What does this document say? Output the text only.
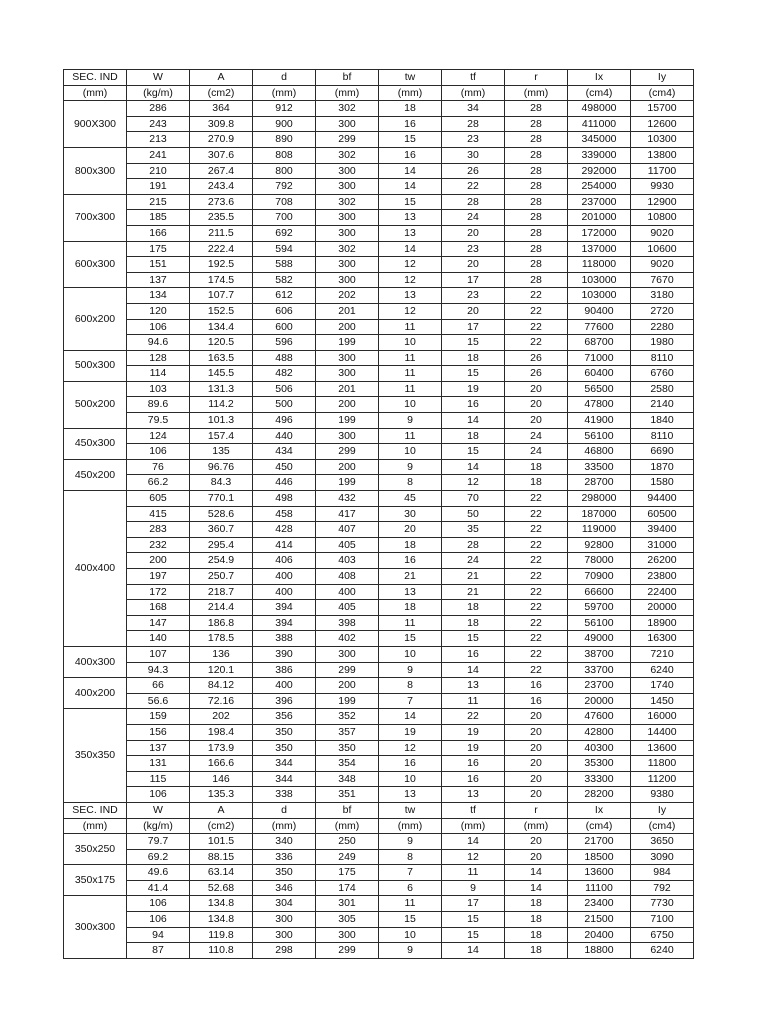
SEC. IND	W	A	d	bf	tw	tf	r	Ix	Iy
(mm)	(kg/m)	(cm2)	(mm)	(mm)	(mm)	(mm)	(mm)	(cm4)	(cm4)
900X300	286	364	912	302	18	34	28	498000	15700
	243	309.8	900	300	16	28	28	411000	12600
	213	270.9	890	299	15	23	28	345000	10300
800x300	241	307.6	808	302	16	30	28	339000	13800
	210	267.4	800	300	14	26	28	292000	11700
	191	243.4	792	300	14	22	28	254000	9930
700x300	215	273.6	708	302	15	28	28	237000	12900
	185	235.5	700	300	13	24	28	201000	10800
	166	211.5	692	300	13	20	28	172000	9020
600x300	175	222.4	594	302	14	23	28	137000	10600
	151	192.5	588	300	12	20	28	118000	9020
	137	174.5	582	300	12	17	28	103000	7670
600x200	134	107.7	612	202	13	23	22	103000	3180
	120	152.5	606	201	12	20	22	90400	2720
	106	134.4	600	200	11	17	22	77600	2280
	94.6	120.5	596	199	10	15	22	68700	1980
500x300	128	163.5	488	300	11	18	26	71000	8110
	114	145.5	482	300	11	15	26	60400	6760
500x200	103	131.3	506	201	11	19	20	56500	2580
	89.6	114.2	500	200	10	16	20	47800	2140
	79.5	101.3	496	199	9	14	20	41900	1840
450x300	124	157.4	440	300	11	18	24	56100	8110
	106	135	434	299	10	15	24	46800	6690
450x200	76	96.76	450	200	9	14	18	33500	1870
	66.2	84.3	446	199	8	12	18	28700	1580
400x400	605	770.1	498	432	45	70	22	298000	94400
	415	528.6	458	417	30	50	22	187000	60500
	283	360.7	428	407	20	35	22	119000	39400
	232	295.4	414	405	18	28	22	92800	31000
	200	254.9	406	403	16	24	22	78000	26200
	197	250.7	400	408	21	21	22	70900	23800
	172	218.7	400	400	13	21	22	66600	22400
	168	214.4	394	405	18	18	22	59700	20000
	147	186.8	394	398	11	18	22	56100	18900
	140	178.5	388	402	15	15	22	49000	16300
400x300	107	136	390	300	10	16	22	38700	7210
	94.3	120.1	386	299	9	14	22	33700	6240
400x200	66	84.12	400	200	8	13	16	23700	1740
	56.6	72.16	396	199	7	11	16	20000	1450
350x350	159	202	356	352	14	22	20	47600	16000
	156	198.4	350	357	19	19	20	42800	14400
	137	173.9	350	350	12	19	20	40300	13600
	131	166.6	344	354	16	16	20	35300	11800
	115	146	344	348	10	16	20	33300	11200
	106	135.3	338	351	13	13	20	28200	9380
SEC. IND	W	A	d	bf	tw	tf	r	Ix	Iy
(mm)	(kg/m)	(cm2)	(mm)	(mm)	(mm)	(mm)	(mm)	(cm4)	(cm4)
350x250	79.7	101.5	340	250	9	14	20	21700	3650
	69.2	88.15	336	249	8	12	20	18500	3090
350x175	49.6	63.14	350	175	7	11	14	13600	984
	41.4	52.68	346	174	6	9	14	11100	792
300x300	106	134.8	304	301	11	17	18	23400	7730
	106	134.8	300	305	15	15	18	21500	7100
	94	119.8	300	300	10	15	18	20400	6750
	87	110.8	298	299	9	14	18	18800	6240
